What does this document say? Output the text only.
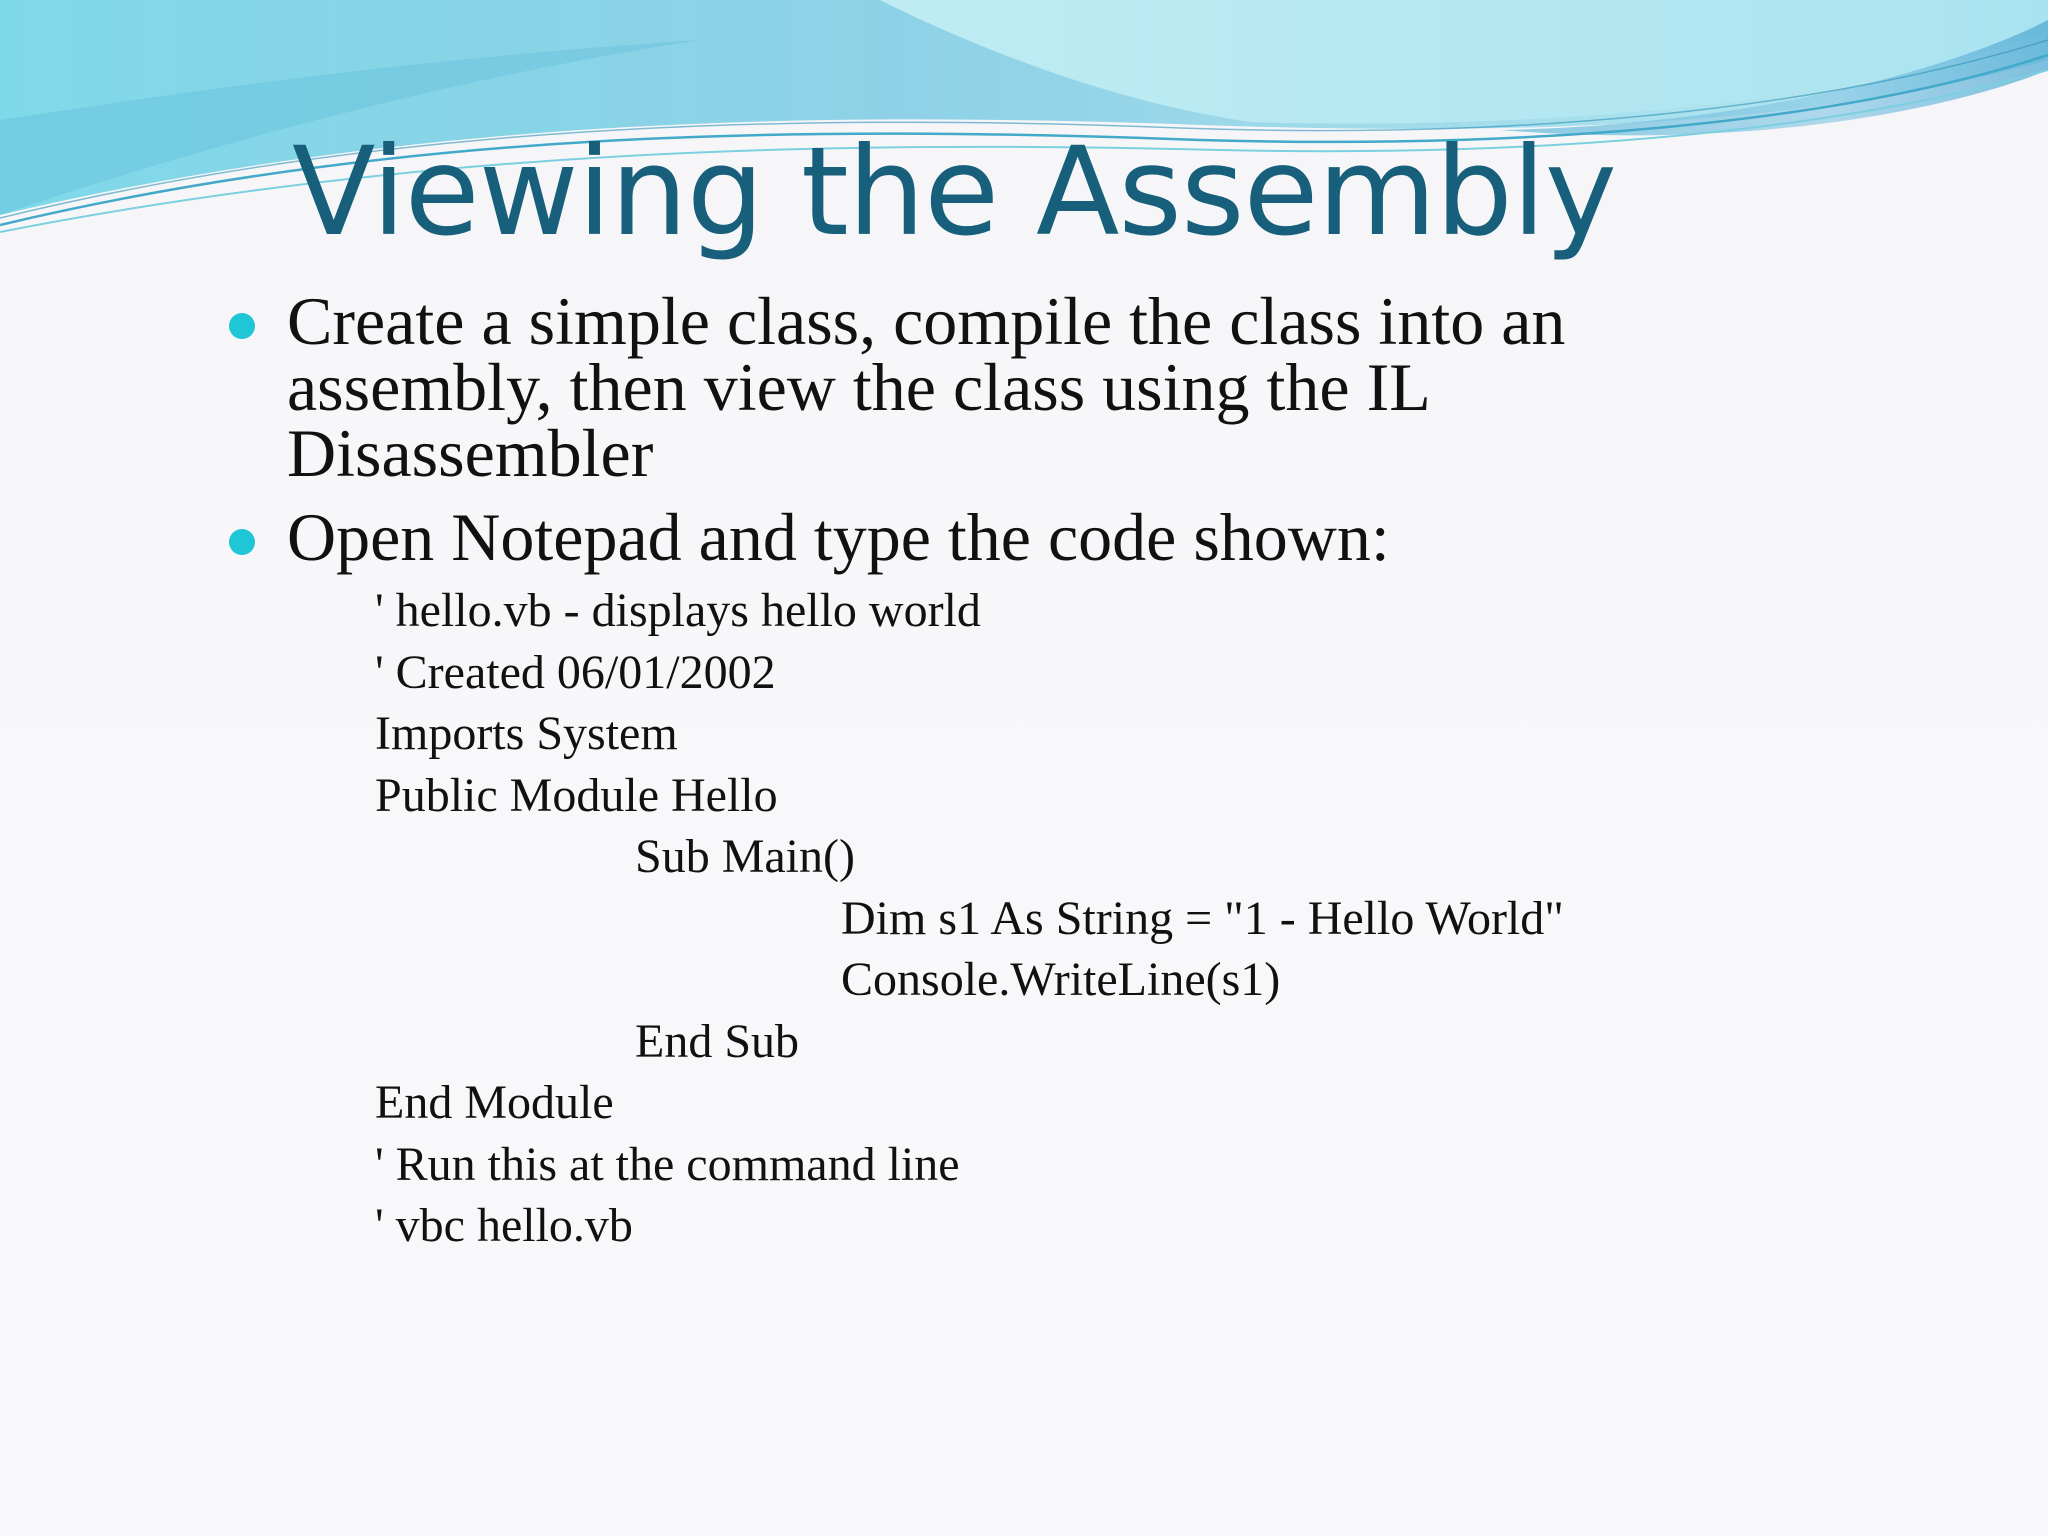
Viewing the Assembly
Create a simple class, compile the class into an assembly, then view the class using the IL Disassembler
Open Notepad and type the code shown:
' hello.vb - displays hello world
' Created 06/01/2002
Imports System
Public Module Hello
Sub Main()
Dim s1 As String = "1 - Hello World"
Console.WriteLine(s1)
End Sub
End Module
' Run this at the command line
' vbc hello.vb
